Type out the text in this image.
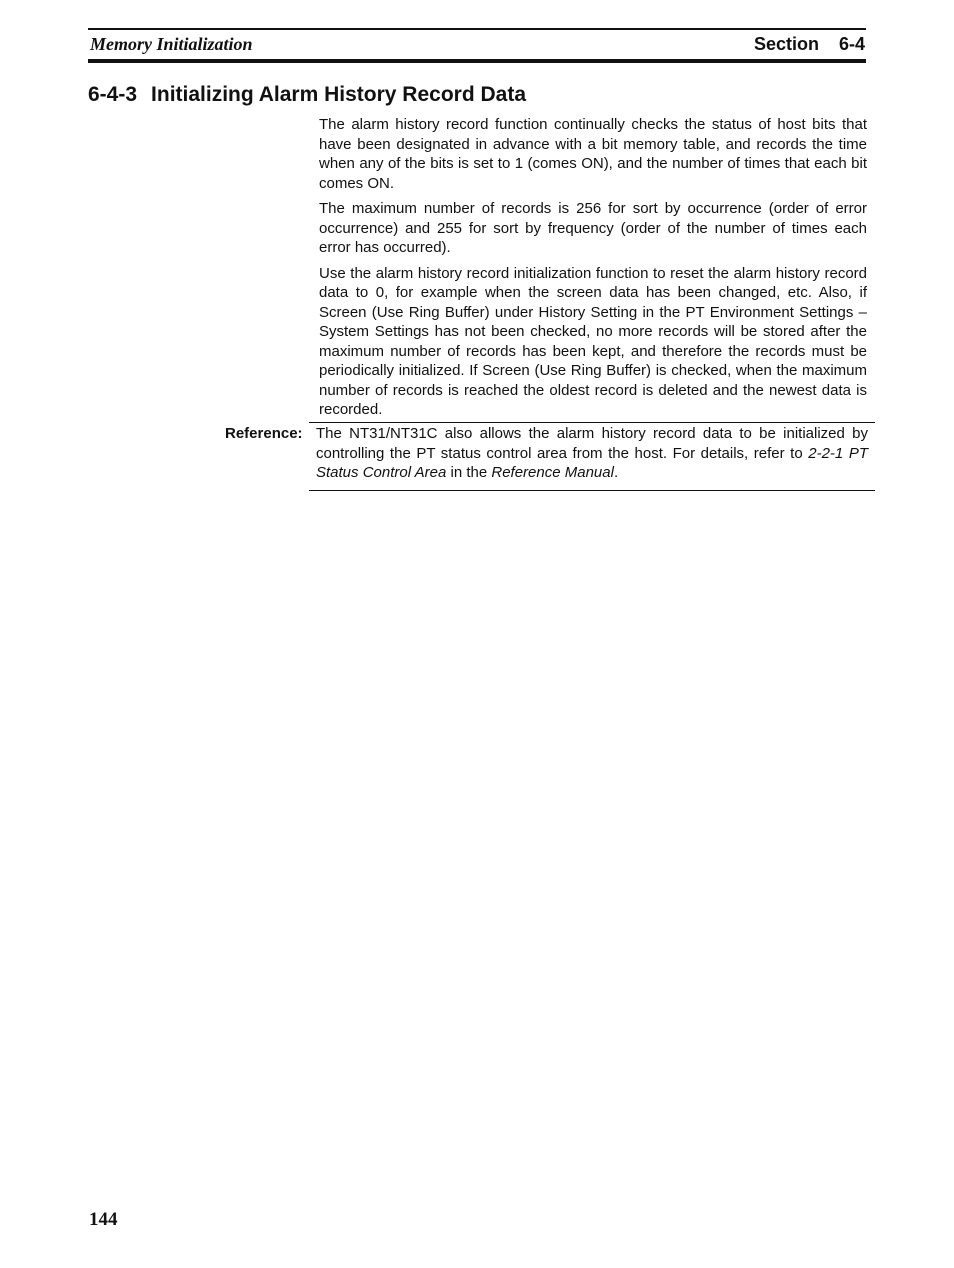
Memory Initialization	Section 6-4
6-4-3 Initializing Alarm History Record Data

The alarm history record function continually checks the status of host bits that have been designated in advance with a bit memory table, and records the time when any of the bits is set to 1 (comes ON), and the number of times that each bit comes ON.

The maximum number of records is 256 for sort by occurrence (order of error occurrence) and 255 for sort by frequency (order of the number of times each error has occurred).

Use the alarm history record initialization function to reset the alarm history record data to 0, for example when the screen data has been changed, etc. Also, if Screen (Use Ring Buffer) under History Setting in the PT Environment Settings – System Settings has not been checked, no more records will be stored after the maximum number of records has been kept, and therefore the records must be periodically initialized. If Screen (Use Ring Buffer) is checked, when the maximum number of records is reached the oldest record is deleted and the newest data is recorded.

Reference: The NT31/NT31C also allows the alarm history record data to be initialized by controlling the PT status control area from the host. For details, refer to 2-2-1 PT Status Control Area in the Reference Manual.

144
